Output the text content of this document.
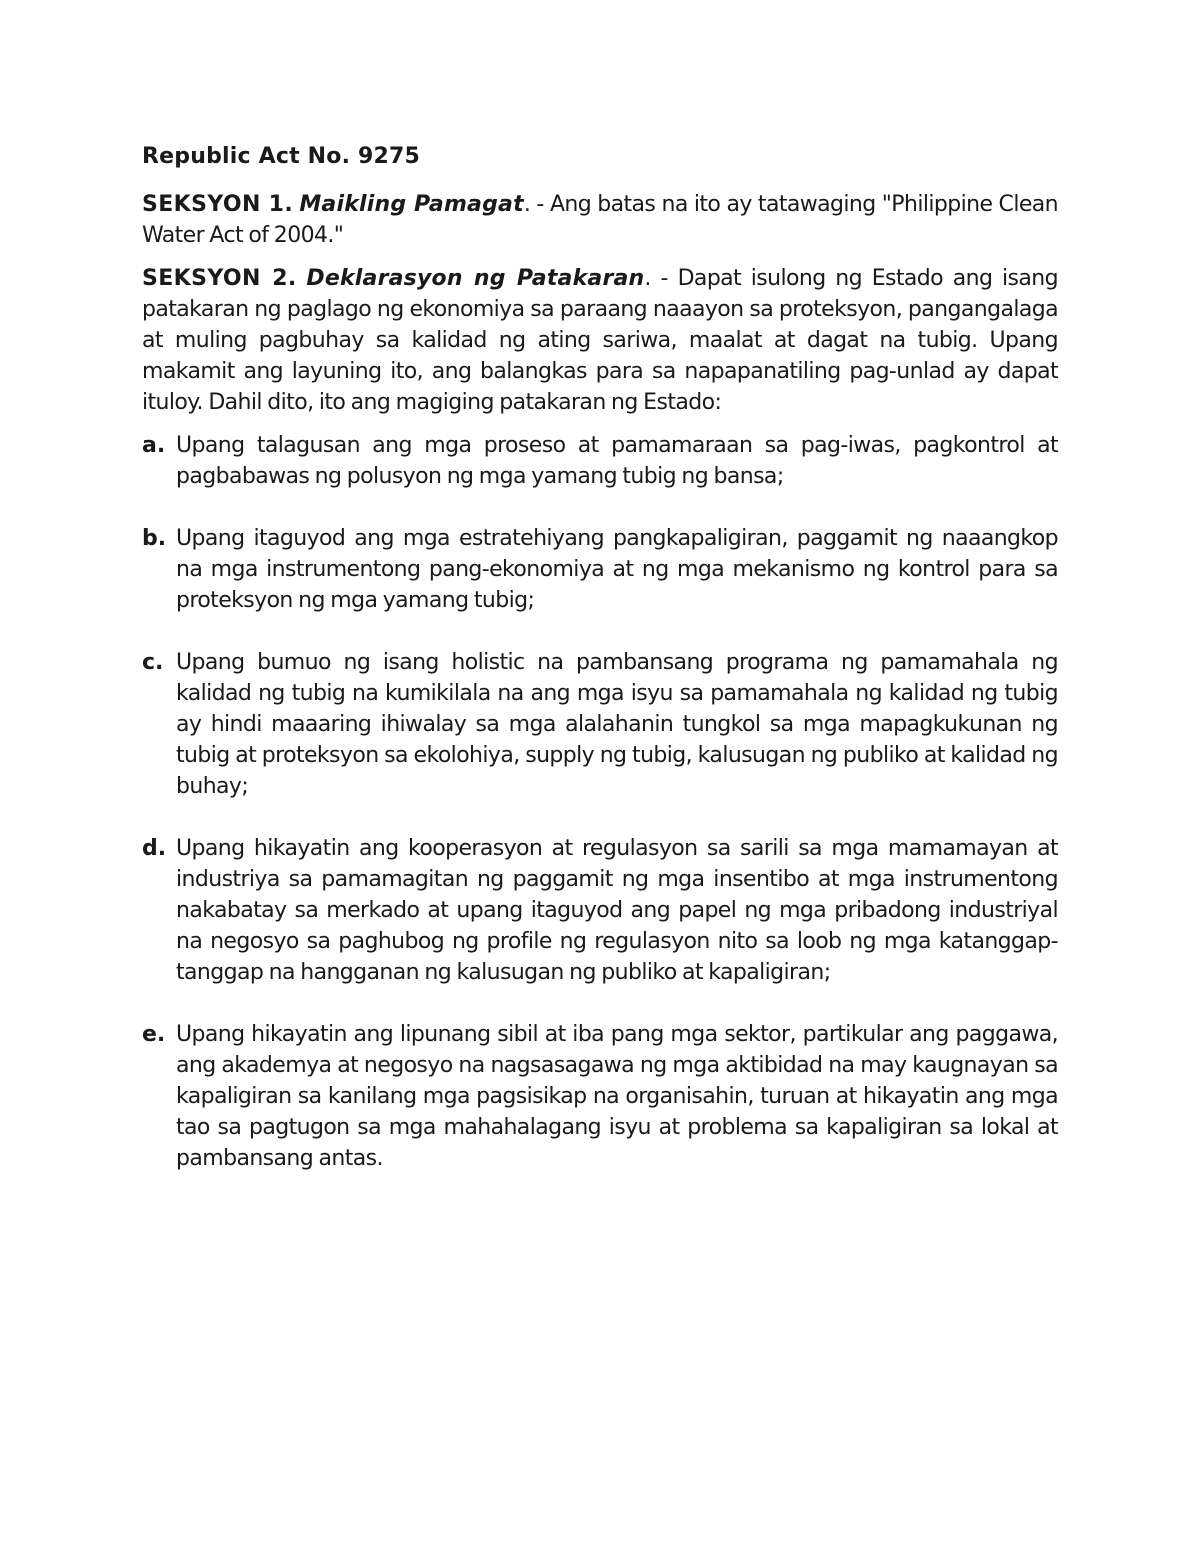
Republic Act No. 9275

SEKSYON 1. Maikling Pamagat. - Ang batas na ito ay tatawaging "Philippine Clean Water Act of 2004."

SEKSYON 2. Deklarasyon ng Patakaran. - Dapat isulong ng Estado ang isang patakaran ng paglago ng ekonomiya sa paraang naaayon sa proteksyon, pangangalaga at muling pagbuhay sa kalidad ng ating sariwa, maalat at dagat na tubig. Upang makamit ang layuning ito, ang balangkas para sa napapanatiling pag-unlad ay dapat ituloy. Dahil dito, ito ang magiging patakaran ng Estado:

a. Upang talagusan ang mga proseso at pamamaraan sa pag-iwas, pagkontrol at pagbabawas ng polusyon ng mga yamang tubig ng bansa;
b. Upang itaguyod ang mga estratehiyang pangkapaligiran, paggamit ng naaangkop na mga instrumentong pang-ekonomiya at ng mga mekanismo ng kontrol para sa proteksyon ng mga yamang tubig;
c. Upang bumuo ng isang holistic na pambansang programa ng pamamahala ng kalidad ng tubig na kumikilala na ang mga isyu sa pamamahala ng kalidad ng tubig ay hindi maaaring ihiwalay sa mga alalahanin tungkol sa mga mapagkukunan ng tubig at proteksyon sa ekolohiya, supply ng tubig, kalusugan ng publiko at kalidad ng buhay;
d. Upang hikayatin ang kooperasyon at regulasyon sa sarili sa mga mamamayan at industriya sa pamamagitan ng paggamit ng mga insentibo at mga instrumentong nakabatay sa merkado at upang itaguyod ang papel ng mga pribadong industriyal na negosyo sa paghubog ng profile ng regulasyon nito sa loob ng mga katanggap-tanggap na hangganan ng kalusugan ng publiko at kapaligiran;
e. Upang hikayatin ang lipunang sibil at iba pang mga sektor, partikular ang paggawa, ang akademya at negosyo na nagsasagawa ng mga aktibidad na may kaugnayan sa kapaligiran sa kanilang mga pagsisikap na organisahin, turuan at hikayatin ang mga tao sa pagtugon sa mga mahahalagang isyu at problema sa kapaligiran sa lokal at pambansang antas.
